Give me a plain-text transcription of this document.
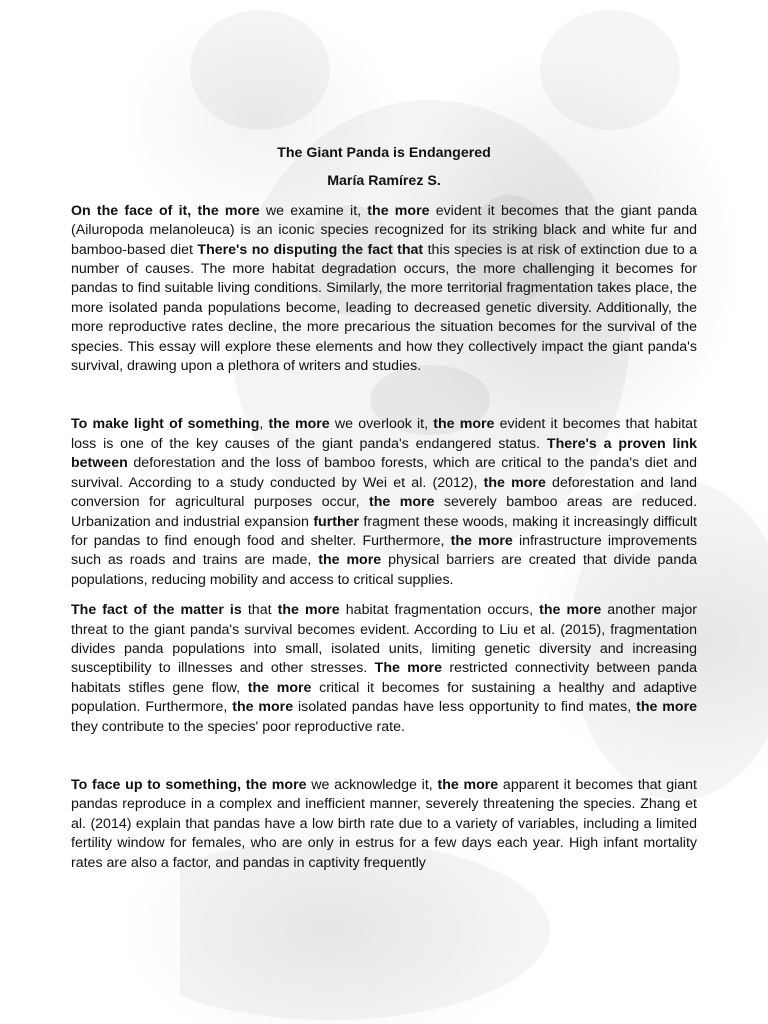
The Giant Panda is Endangered
María Ramírez S.

On the face of it, the more we examine it, the more evident it becomes that the giant panda (Ailuropoda melanoleuca) is an iconic species recognized for its striking black and white fur and bamboo-based diet There's no disputing the fact that this species is at risk of extinction due to a number of causes. The more habitat degradation occurs, the more challenging it becomes for pandas to find suitable living conditions. Similarly, the more territorial fragmentation takes place, the more isolated panda populations become, leading to decreased genetic diversity. Additionally, the more reproductive rates decline, the more precarious the situation becomes for the survival of the species. This essay will explore these elements and how they collectively impact the giant panda's survival, drawing upon a plethora of writers and studies.

To make light of something, the more we overlook it, the more evident it becomes that habitat loss is one of the key causes of the giant panda's endangered status. There's a proven link between deforestation and the loss of bamboo forests, which are critical to the panda's diet and survival. According to a study conducted by Wei et al. (2012), the more deforestation and land conversion for agricultural purposes occur, the more severely bamboo areas are reduced. Urbanization and industrial expansion further fragment these woods, making it increasingly difficult for pandas to find enough food and shelter. Furthermore, the more infrastructure improvements such as roads and trains are made, the more physical barriers are created that divide panda populations, reducing mobility and access to critical supplies.

The fact of the matter is that the more habitat fragmentation occurs, the more another major threat to the giant panda's survival becomes evident. According to Liu et al. (2015), fragmentation divides panda populations into small, isolated units, limiting genetic diversity and increasing susceptibility to illnesses and other stresses. The more restricted connectivity between panda habitats stifles gene flow, the more critical it becomes for sustaining a healthy and adaptive population. Furthermore, the more isolated pandas have less opportunity to find mates, the more they contribute to the species' poor reproductive rate.

To face up to something, the more we acknowledge it, the more apparent it becomes that giant pandas reproduce in a complex and inefficient manner, severely threatening the species. Zhang et al. (2014) explain that pandas have a low birth rate due to a variety of variables, including a limited fertility window for females, who are only in estrus for a few days each year. High infant mortality rates are also a factor, and pandas in captivity frequently
